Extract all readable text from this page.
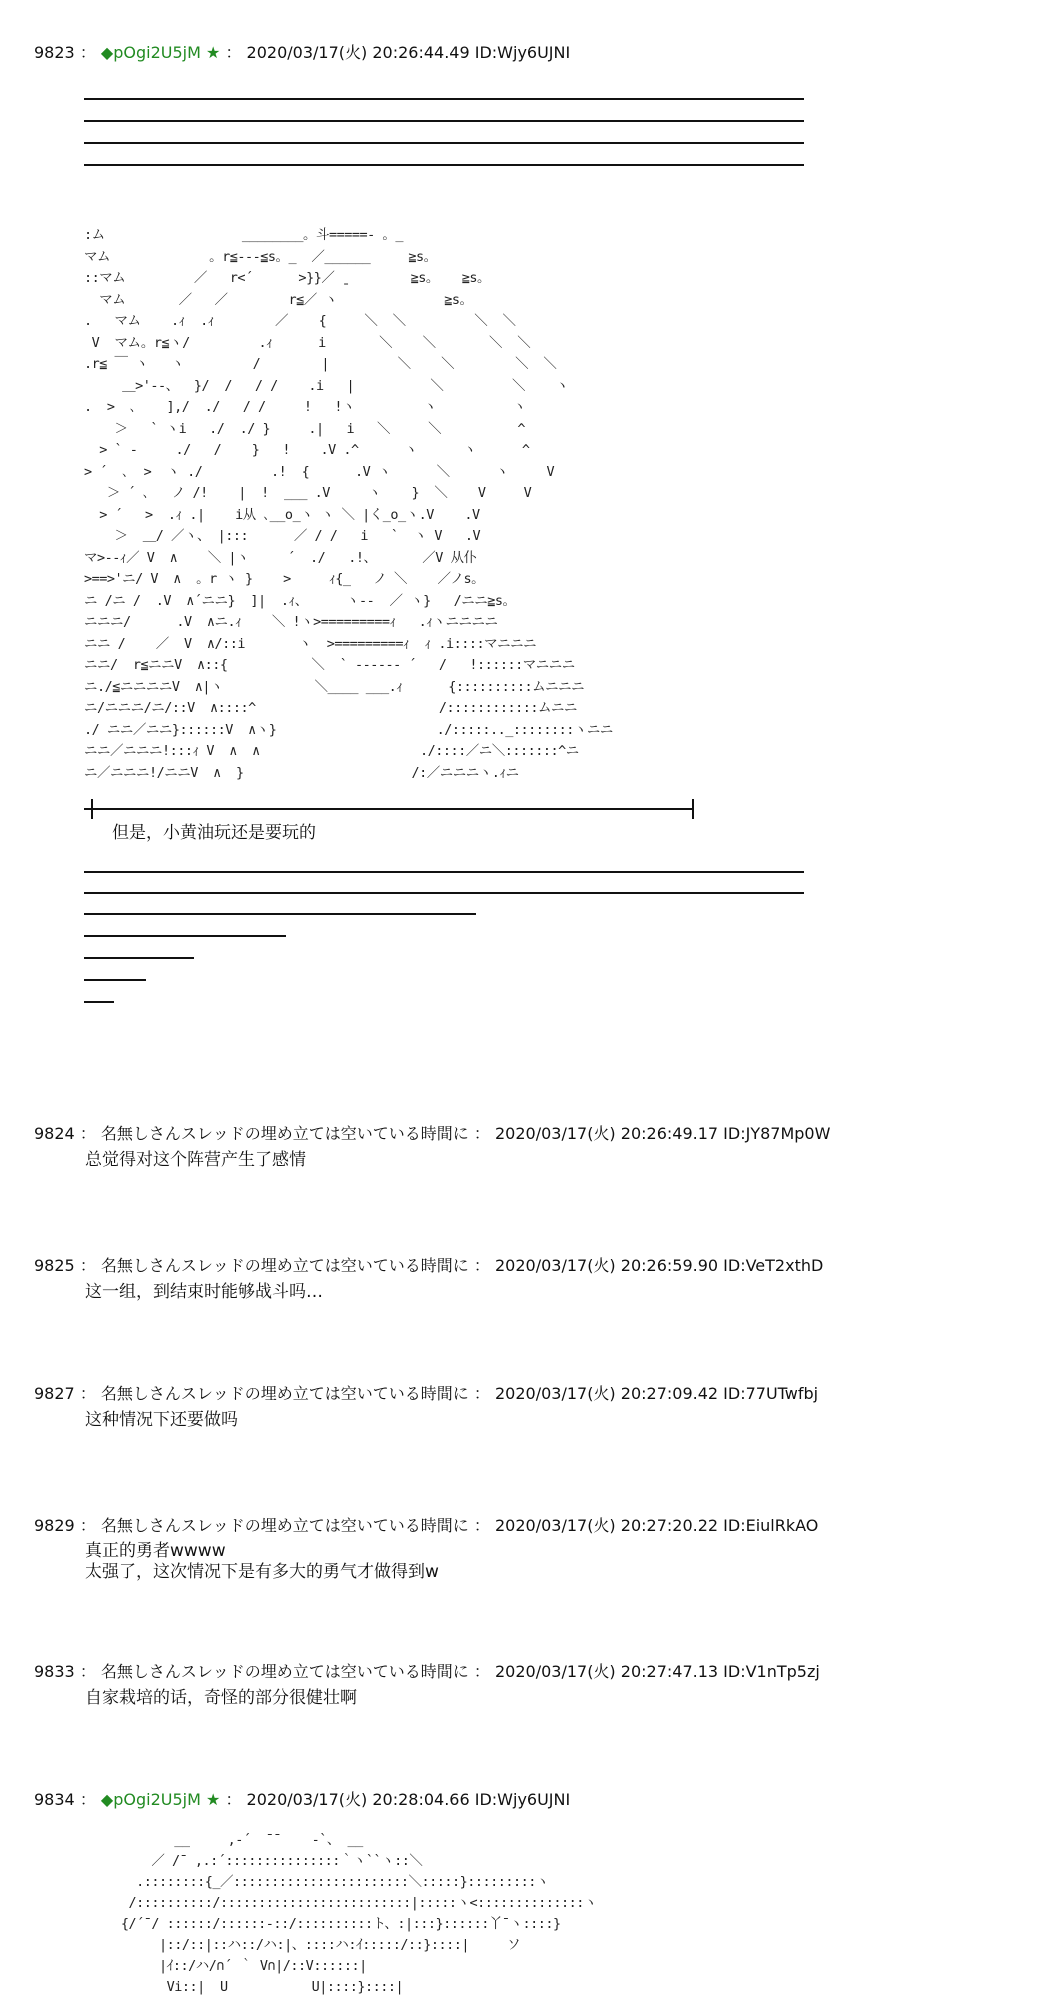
9823 ： ◆pOgi2U5jM ★ ： 2020/03/17(火) 20:26:44.49 ID:Wjy6UJNI
:ム                  ________。斗=====- 。_
マム             。r≦---≦s。_  ／______     ≧s。
::マム         ／   r<´      >}}／ ˍ        ≧s。   ≧s。
マム       ／   ／        r≦／ ヽ              ≧s。
.   マム    .ｨ  .ｨ        ／    {     ＼  ＼         ＼  ＼
V  マム。r≦ヽ/         .ｨ      i       ＼    ＼       ＼  ＼
.r≦ ￣ ヽ   ヽ         /        |         ＼    ＼        ＼  ＼
＿>'--、  }/  /   / /    .i   |          ＼         ＼    ヽ
.  >  ､    ],/  ./   / /     !   !ヽ         ヽ          ヽ
＞   ` ヽi   ./  ./ }     .|   i   ＼     ＼          ^
> ` ‐     ./   /    }   !    .V .^      ヽ      ヽ      ^
> ´  ､  >  ヽ ./         .!  {      .V ヽ      ＼      ヽ     V
＞ ´ ､   ノ /!    |  !  ___ .V     ヽ    }  ＼    V     V
> ´   >  .ｨ .|    i从 ､__o_ヽ ヽ ＼ |く_o_ヽ.V    .V
＞  ＿/ ／ヽ、 |:::      ／ / /   i   `  ヽ V   .V
マ>--ｨ／ V  ∧    ＼ |ヽ     ´  ./   .!、      ／V 从仆
>==>'ニ/ V  ∧  。r ヽ }    >     ｨ{_   ノ ＼    ／ノs。
ニ /ニ /  .V  ∧´ニニ}  ]|  .ｨ、     ヽ--  ／ ヽ}   /ニニ≧s。
ニニニ/      .V  ∧ニ.ｨ    ＼ !ヽ>=========ｨ   .ｨヽニニニニ
ニニ /    ／  V  ∧/::i       ヽ  >=========ｨ  ｨ .i::::マニニニ
ニニ/  r≦ニニV  ∧::{           ＼  ` ‐----‐ ´   /   !::::::マニニニ
ニ./≦ニニニニV  ∧|ヽ            ＼____ ___.ｨ      {::::::::::ムニニニ
ニ/ニニニ/ニ/::V  ∧::::^                        /::::::::::::ムニニ
./ ニニ／ニニ}::::::V  ∧ヽ}                     ./:::::.._::::::::ヽニニ
ニニ／ニニニ!:::ｨ V  ∧  ∧                     ./::::／ニ＼:::::::^ニ
ニ／ニニニ!/ニニV  ∧  }                      /:／ニニニヽ.ｨニ
但是，小黄油玩还是要玩的
9824 ： 名無しさんスレッドの埋め立ては空いている時間に ： 2020/03/17(火) 20:26:49.17 ID:JY87Mp0W
总觉得对这个阵营产生了感情
9825 ： 名無しさんスレッドの埋め立ては空いている時間に ： 2020/03/17(火) 20:26:59.90 ID:VeT2xthD
这一组，到结束时能够战斗吗…
9827 ： 名無しさんスレッドの埋め立ては空いている時間に ： 2020/03/17(火) 20:27:09.42 ID:77UTwfbj
这种情况下还要做吗
9829 ： 名無しさんスレッドの埋め立ては空いている時間に ： 2020/03/17(火) 20:27:20.22 ID:EiulRkAO
真正的勇者wwww
太强了，这次情况下是有多大的勇气才做得到w
9833 ： 名無しさんスレッドの埋め立ては空いている時間に ： 2020/03/17(火) 20:27:47.13 ID:V1nTp5zj
自家栽培的话，奇怪的部分很健壮啊
9834 ： ◆pOgi2U5jM ★ ： 2020/03/17(火) 20:28:04.66 ID:Wjy6UJNI
__     ,-´  ¯¯    -`、 __
／ /¯ ,.:´:::::::::::::::｀ヽ``ヽ::＼
.::::::::{_／:::::::::::::::::::::::＼:::::}:::::::::ヽ
/::::::::::/:::::::::::::::::::::::::|:::::ヽ<::::::::::::::ヽ
{/´¯/ ::::::/::::::-::/::::::::::ト、:|:::}::::::丫¯ヽ::::}
|::/::|::ハ::/ハ:|、::::ハ:ｲ:::::/::}::::|     ソ
|ｲ::/ハ/∩´ ｀ V∩|/::V::::::|
Vi::|  U           U|::::}::::|
